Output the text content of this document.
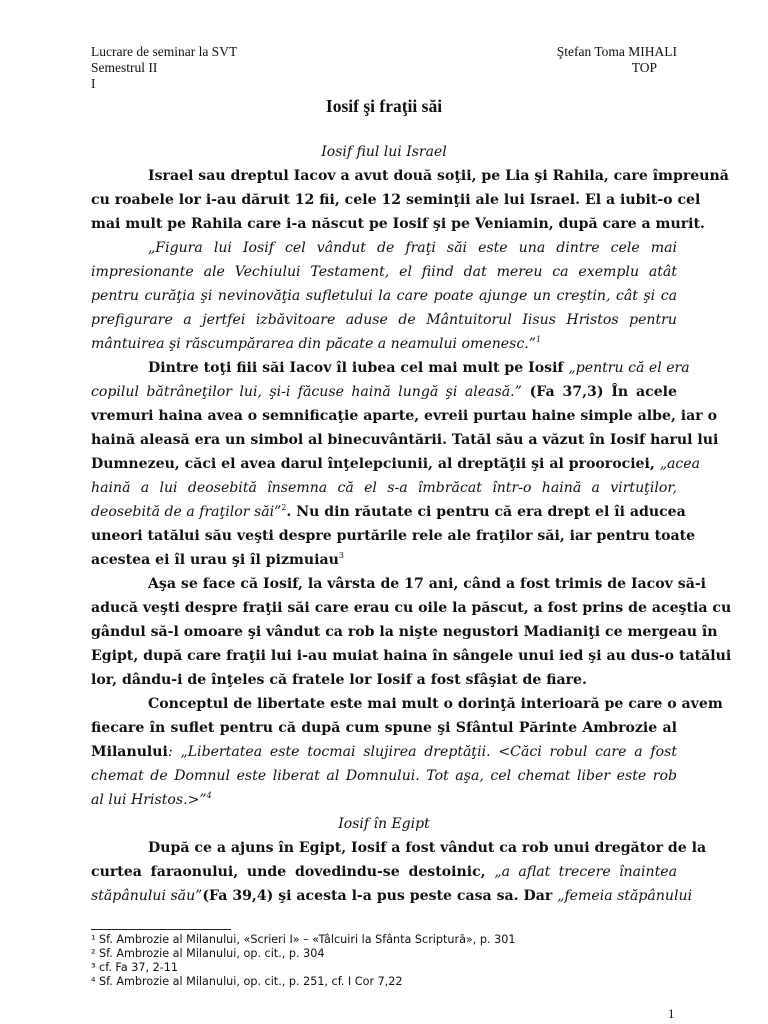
Lucrare de seminar la SVT
Semestrul II
I
Ştefan Toma MIHALI
TOP
Iosif şi fraţii săi
Iosif fiul lui Israel
Israel sau dreptul Iacov a avut două soţii, pe Lia şi Rahila, care împreună
cu roabele lor i-au dăruit 12 fii, cele 12 seminţii ale lui Israel. El a iubit-o cel
mai mult pe Rahila care i-a născut pe Iosif şi pe Veniamin, după care a murit.
„Figura lui Iosif cel vândut de fraţi săi este una dintre cele mai
impresionante ale Vechiului Testament, el fiind dat mereu ca exemplu atât
pentru curăţia şi nevinovăţia sufletului la care poate ajunge un creştin, cât şi ca
prefigurare a jertfei izbăvitoare aduse de Mântuitorul Iisus Hristos pentru
mântuirea şi răscumpărarea din păcate a neamului omenesc.”$^1$
Dintre toţi fiii săi Iacov îl iubea cel mai mult pe Iosif „pentru că el era
copilul bătrâneţilor lui, şi-i făcuse haină lungă şi aleasă.” (Fa 37,3) În acele
vremuri haina avea o semnificaţie aparte, evreii purtau haine simple albe, iar o
haină aleasă era un simbol al binecuvântării. Tatăl său a văzut în Iosif harul lui
Dumnezeu, căci el avea darul înţelepciunii, al dreptăţii şi al proorociei, „acea
haină a lui deosebită însemna că el s-a îmbrăcat într-o haină a virtuţilor,
deosebită de a fraţilor săi”$^2$. Nu din răutate ci pentru că era drept el îi aducea
uneori tatălui său veşti despre purtările rele ale fraţilor săi, iar pentru toate
acestea ei îl urau şi îl pizmuiau$^3$
Aşa se face că Iosif, la vârsta de 17 ani, când a fost trimis de Iacov să-i
aducă veşti despre fraţii săi care erau cu oile la păscut, a fost prins de aceştia cu
gândul să-l omoare şi vândut ca rob la nişte negustori Madianiţi ce mergeau în
Egipt, după care fraţii lui i-au muiat haina în sângele unui ied şi au dus-o tatălui
lor, dându-i de înţeles că fratele lor Iosif a fost sfâşiat de fiare.
Conceptul de libertate este mai mult o dorinţă interioară pe care o avem
fiecare în suflet pentru că după cum spune şi Sfântul Părinte Ambrozie al
Milanului: „Libertatea este tocmai slujirea dreptăţii. <Căci robul care a fost
chemat de Domnul este liberat al Domnului. Tot aşa, cel chemat liber este rob
al lui Hristos.>”$^4$
Iosif în Egipt
După ce a ajuns în Egipt, Iosif a fost vândut ca rob unui dregător de la
curtea faraonului, unde dovedindu-se destoinic, „a aflat trecere înaintea
stăpânului său”(Fa 39,4) şi acesta l-a pus peste casa sa. Dar „femeia stăpânului
¹ Sf. Ambrozie al Milanului, «Scrieri I» – «Tâlcuiri la Sfânta Scriptură», p. 301
² Sf. Ambrozie al Milanului, op. cit., p. 304
³ cf. Fa 37, 2-11
⁴ Sf. Ambrozie al Milanului, op. cit., p. 251, cf. I Cor 7,22
1
